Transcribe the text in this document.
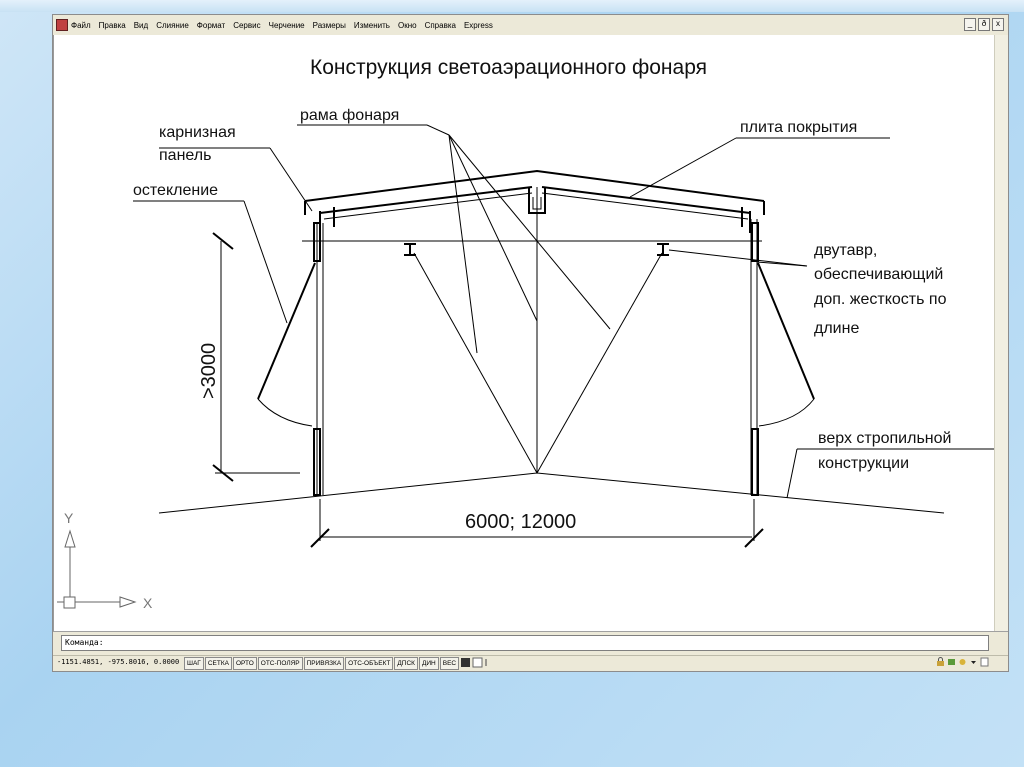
Файл Правка Вид Слияние Формат Сервис Черчение Размеры Изменить Окно Справка Express	_	ð	x
Конструкция светоаэрационного фонаря
>3000
6000; 12000
карнизная
панель
остекление
рама фонаря
плита покрытия
двутавр,
обеспечивающий
доп. жесткость по
длине
верх стропильной
конструкции
Y
X
Команда:
-1151.4851, -975.8016, 0.0000	ШАГ	СЕТКА	ОРТО	ОТС-ПОЛЯР	ПРИВЯЗКА	ОТС-ОБЪЕКТ	ДПСК	ДИН	ВЕС
